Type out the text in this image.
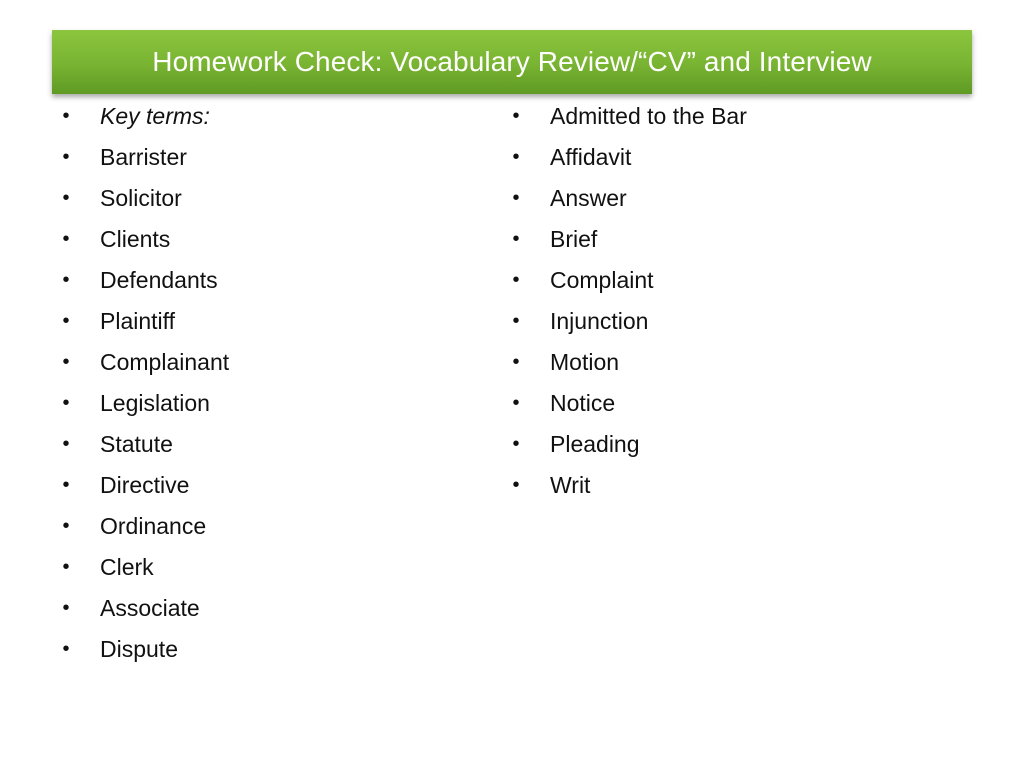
Homework Check: Vocabulary Review/“CV” and Interview
• Key terms:
• Barrister
• Solicitor
• Clients
• Defendants
• Plaintiff
• Complainant
• Legislation
• Statute
• Directive
• Ordinance
• Clerk
• Associate
• Dispute
• Admitted to the Bar
• Affidavit
• Answer
• Brief
• Complaint
• Injunction
• Motion
• Notice
• Pleading
• Writ
